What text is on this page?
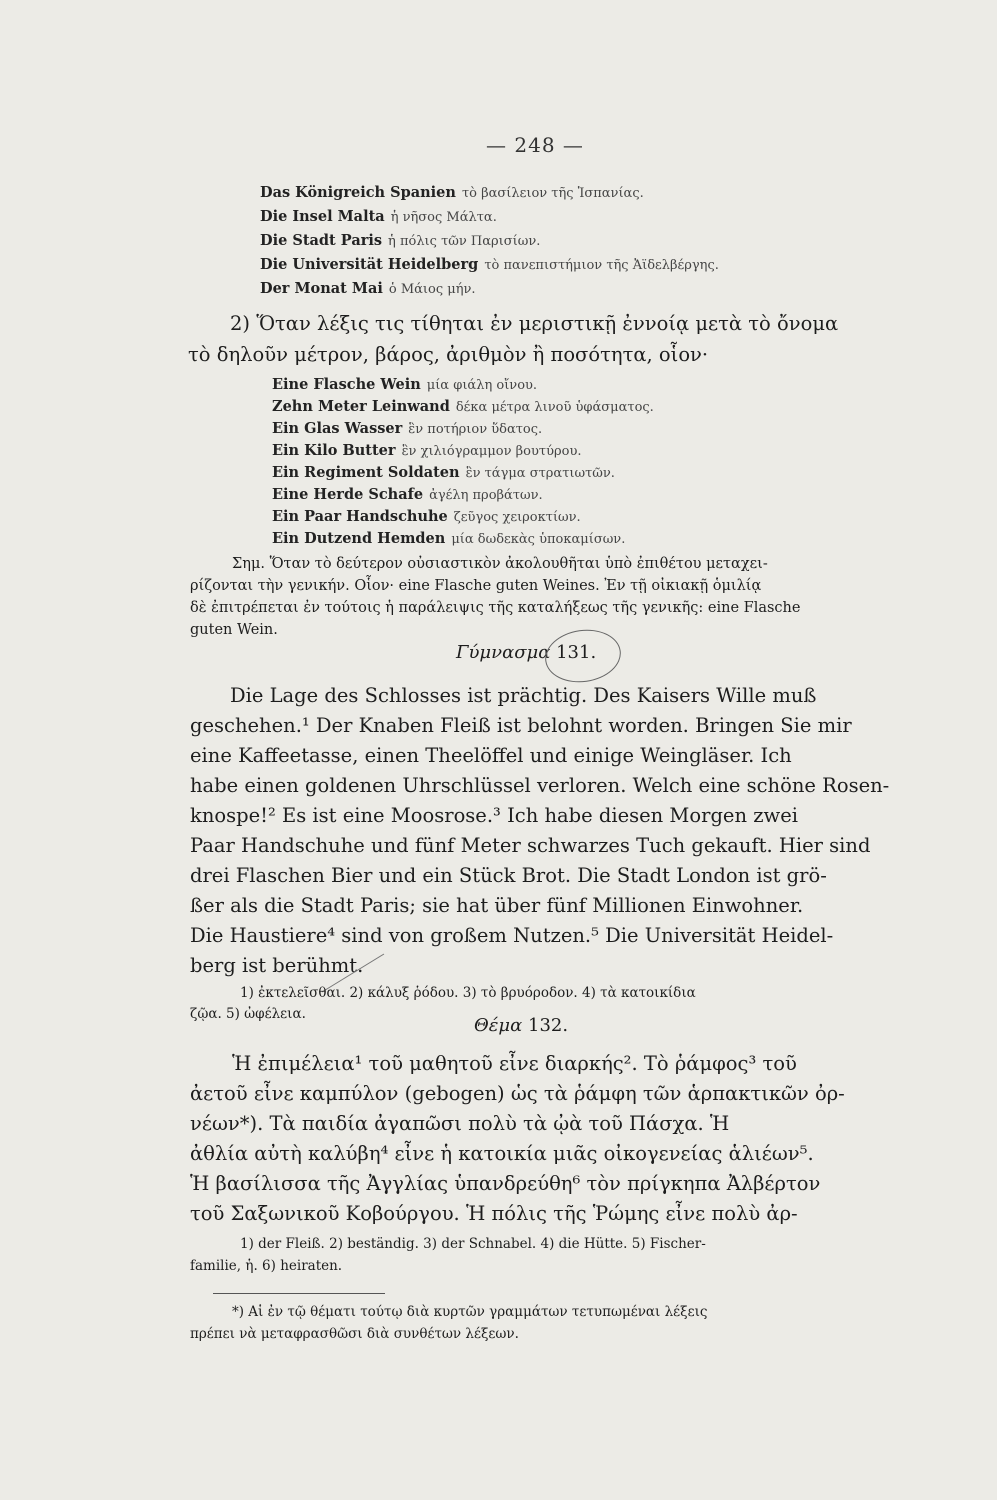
— 248 —
Das Königreich Spanien τὸ βασίλειον τῆς Ἱσπανίας.
Die Insel Malta ἡ νῆσος Μάλτα.
Die Stadt Paris ἡ πόλις τῶν Παρισίων.
Die Universität Heidelberg τὸ πανεπιστήμιον τῆς Ἀϊδελβέργης.
Der Monat Mai ὁ Μάιος μήν.
2) Ὅταν λέξις τις τίθηται ἐν μεριστικῇ ἐννοίᾳ μετὰ τὸ ὄνομα
τὸ δηλοῦν μέτρον, βάρος, ἀριθμὸν ἢ ποσότητα, οἷον·
Eine Flasche Wein μία φιάλη οἴνου.
Zehn Meter Leinwand δέκα μέτρα λινοῦ ὑφάσματος.
Ein Glas Wasser ἓν ποτήριον ὕδατος.
Ein Kilo Butter ἓν χιλιόγραμμον βουτύρου.
Ein Regiment Soldaten ἓν τάγμα στρατιωτῶν.
Eine Herde Schafe ἀγέλη προβάτων.
Ein Paar Handschuhe ζεῦγος χειροκτίων.
Ein Dutzend Hemden μία δωδεκὰς ὑποκαμίσων.
Σημ. Ὅταν τὸ δεύτερον οὐσιαστικὸν ἀκολουθῆται ὑπὸ ἐπιθέτου μεταχει-
ρίζονται τὴν γενικήν. Οἷον· eine Flasche guten Weines. Ἐν τῇ οἰκιακῇ ὁμιλίᾳ
δὲ ἐπιτρέπεται ἐν τούτοις ἡ παράλειψις τῆς καταλήξεως τῆς γενικῆς: eine Flasche
guten Wein.
Γύμνασμα 131.
Die Lage des Schlosses ist prächtig. Des Kaisers Wille muß
geschehen.¹ Der Knaben Fleiß ist belohnt worden. Bringen Sie mir
eine Kaffeetasse, einen Theelöffel und einige Weingläser. Ich
habe einen goldenen Uhrschlüssel verloren. Welch eine schöne Rosen-
knospe!² Es ist eine Moosrose.³ Ich habe diesen Morgen zwei
Paar Handschuhe und fünf Meter schwarzes Tuch gekauft. Hier sind
drei Flaschen Bier und ein Stück Brot. Die Stadt London ist grö-
ßer als die Stadt Paris; sie hat über fünf Millionen Einwohner.
Die Haustiere⁴ sind von großem Nutzen.⁵ Die Universität Heidel-
berg ist berühmt.
1) ἐκτελεῖσθαι. 2) κάλυξ ῥόδου. 3) τὸ βρυόροδον. 4) τὰ κατοικίδια
ζῷα. 5) ὠφέλεια.
Θέμα 132.
Ἡ ἐπιμέλεια¹ τοῦ μαθητοῦ εἶνε διαρκής². Τὸ ῥάμφος³ τοῦ
ἀετοῦ εἶνε καμπύλον (gebogen) ὡς τὰ ῥάμφη τῶν ἁρπακτικῶν ὀρ-
νέων*). Τὰ παιδία ἀγαπῶσι πολὺ τὰ ᾠὰ τοῦ Πάσχα. Ἡ
ἀθλία αὐτὴ καλύβη⁴ εἶνε ἡ κατοικία μιᾶς οἰκογενείας ἁλιέων⁵.
Ἡ βασίλισσα τῆς Ἀγγλίας ὑπανδρεύθη⁶ τὸν πρίγκηπα Ἀλβέρτον
τοῦ Σαξωνικοῦ Κοβούργου. Ἡ πόλις τῆς Ῥώμης εἶνε πολὺ ἀρ-
1) der Fleiß. 2) beständig. 3) der Schnabel. 4) die Hütte. 5) Fischer-
familie, ἡ. 6) heiraten.
*) Αἱ ἐν τῷ θέματι τούτῳ διὰ κυρτῶν γραμμάτων τετυπωμέναι λέξεις
πρέπει νὰ μεταφρασθῶσι διὰ συνθέτων λέξεων.
